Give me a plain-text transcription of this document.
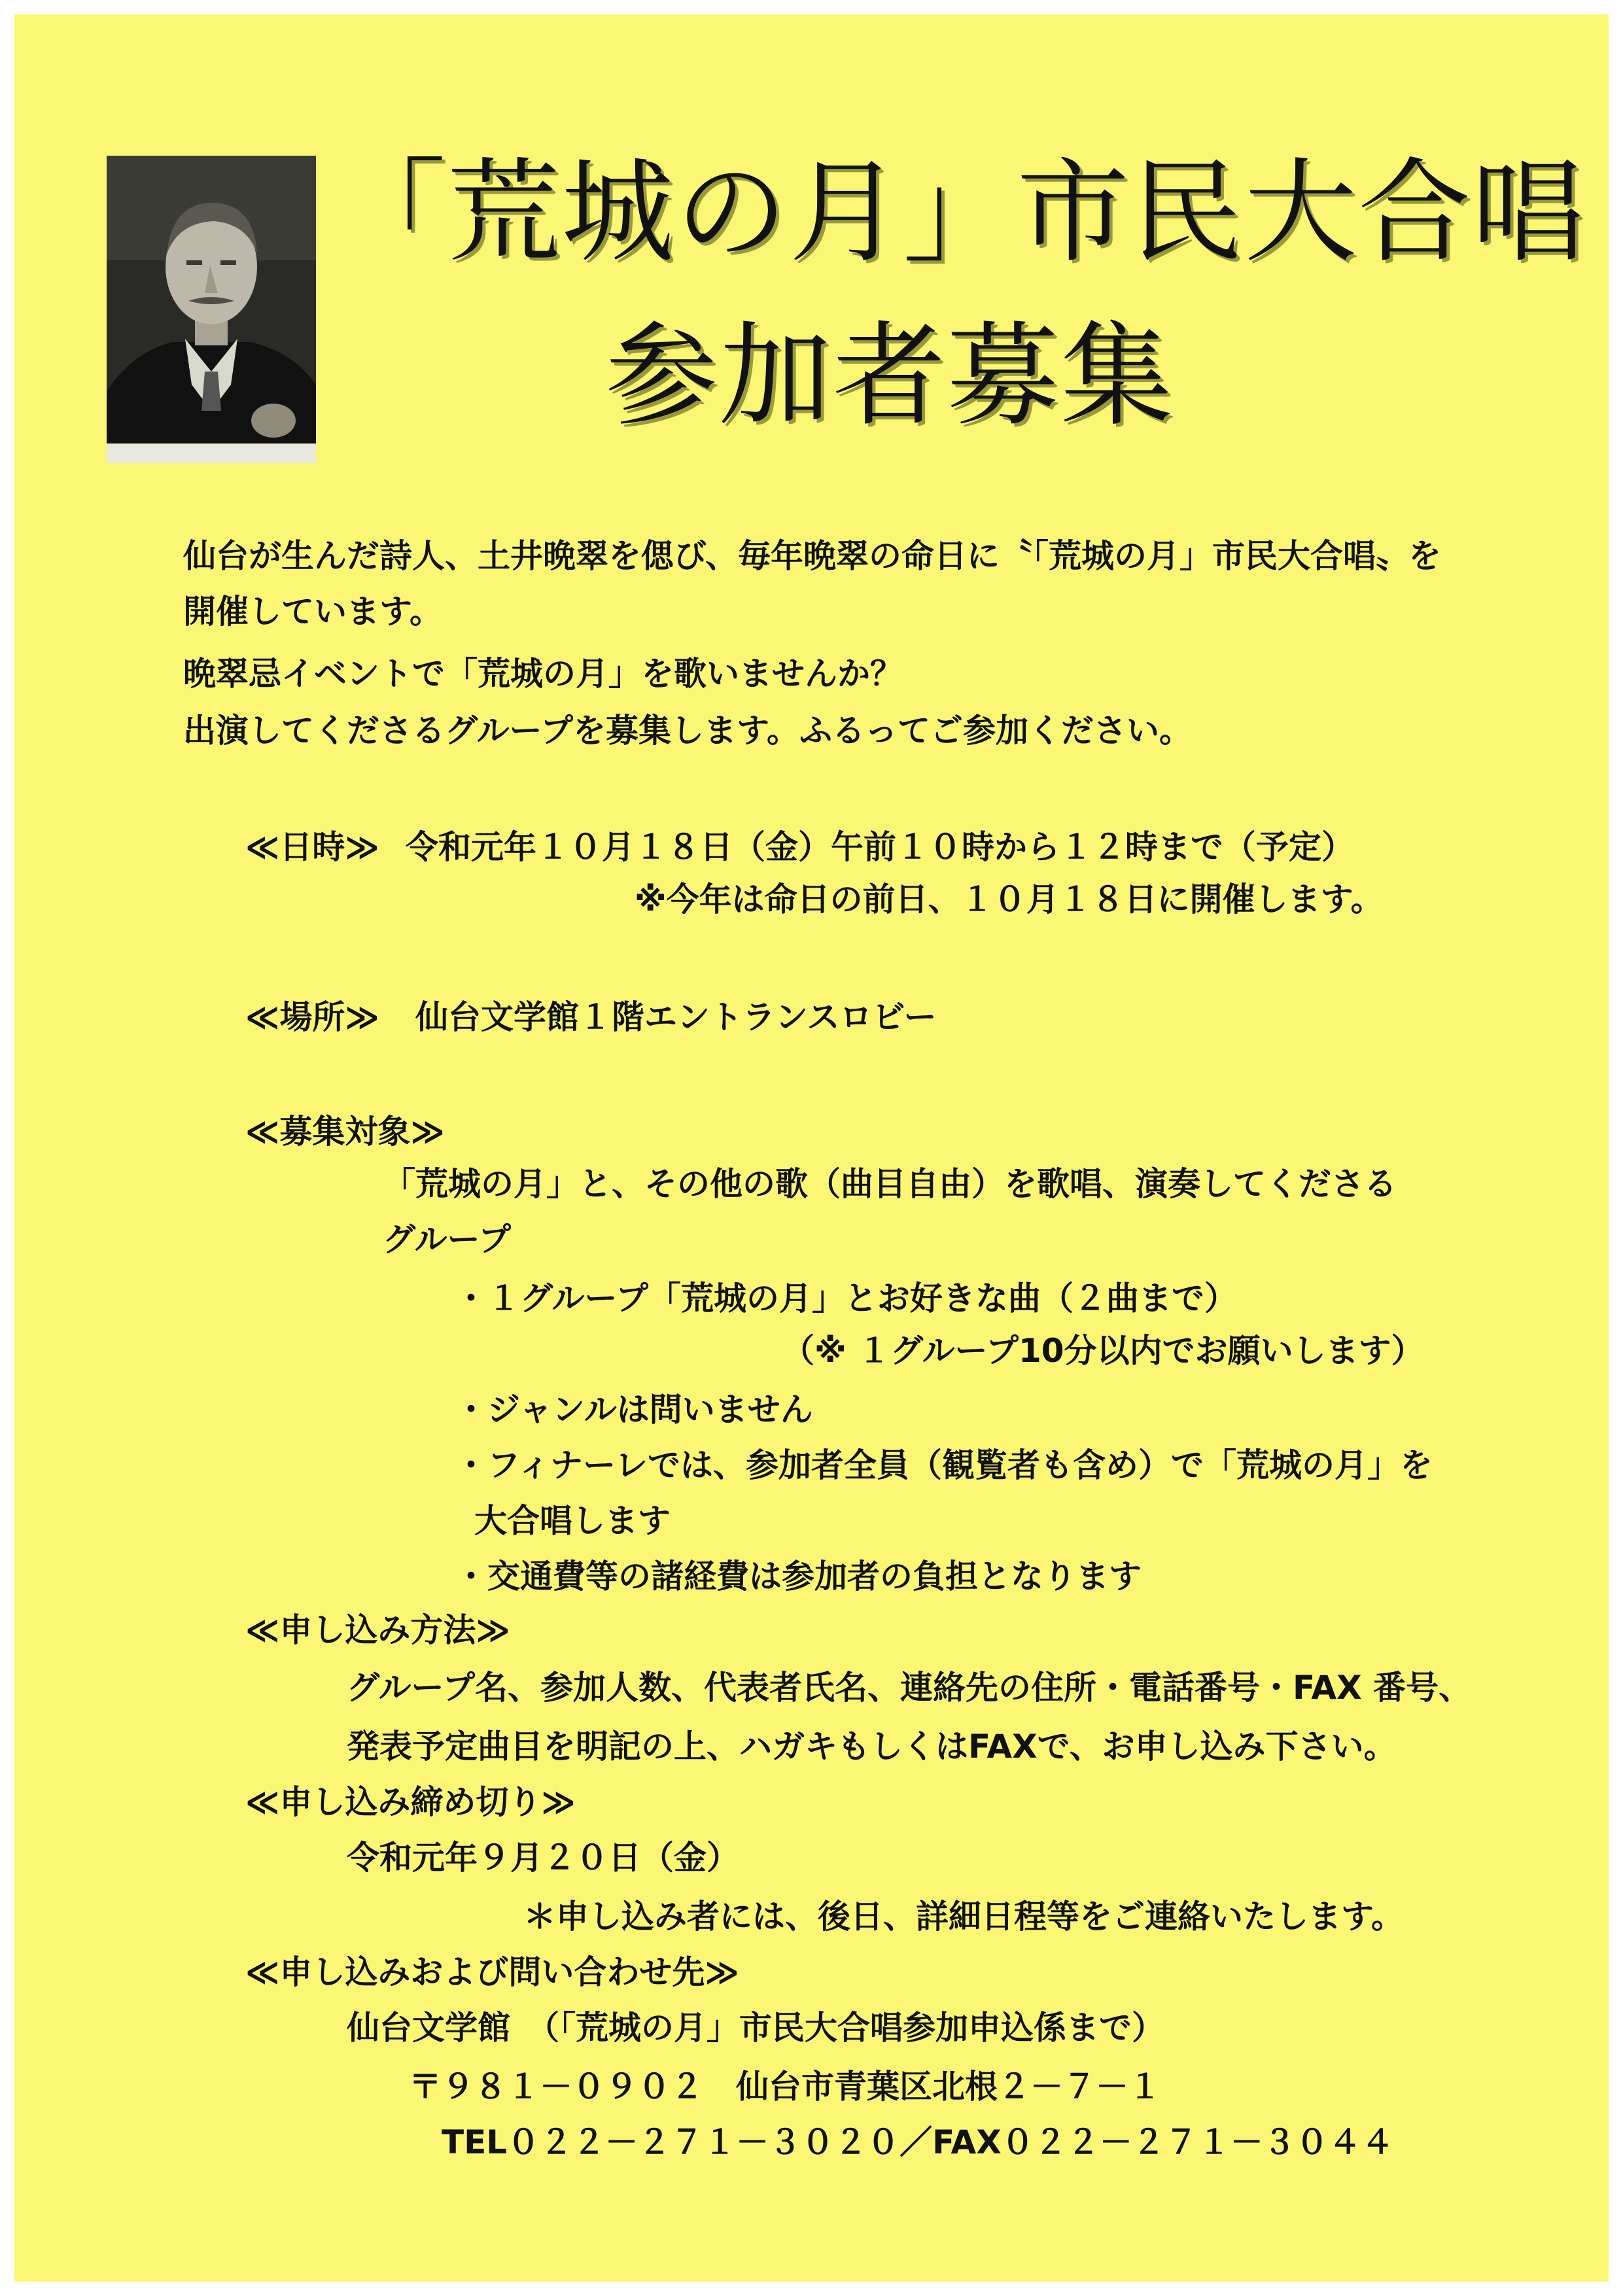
「荒城の月」市民大合唱
参加者募集
仙台が生んだ詩人、土井晩翠を偲び、毎年晩翠の命日に〝「荒城の月」市民大合唱〟を
開催しています。
晩翠忌イベントで「荒城の月」を歌いませんか？
出演してくださるグループを募集します。ふるってご参加ください。
≪日時≫ 令和元年１０月１８日（金）午前１０時から１２時まで（予定）
※今年は命日の前日、１０月１８日に開催します。
≪場所≫ 仙台文学館１階エントランスロビー
≪募集対象≫
「荒城の月」と、その他の歌（曲目自由）を歌唱、演奏してくださる
グループ
・１グループ「荒城の月」とお好きな曲（２曲まで）
（※ １グループ10分以内でお願いします）
・ジャンルは問いません
・フィナーレでは、参加者全員（観覧者も含め）で「荒城の月」を
大合唱します
・交通費等の諸経費は参加者の負担となります
≪申し込み方法≫
グループ名、参加人数、代表者氏名、連絡先の住所・電話番号・FAX 番号、
発表予定曲目を明記の上、ハガキもしくはFAXで、お申し込み下さい。
≪申し込み締め切り≫
令和元年９月２０日（金）
＊申し込み者には、後日、詳細日程等をご連絡いたします。
≪申し込みおよび問い合わせ先≫
仙台文学館　（「荒城の月」市民大合唱参加申込係まで）
〒９８１－０９０２　仙台市青葉区北根２－７－１
TEL０２２－２７１－３０２０／FAX０２２－２７１－３０４４
